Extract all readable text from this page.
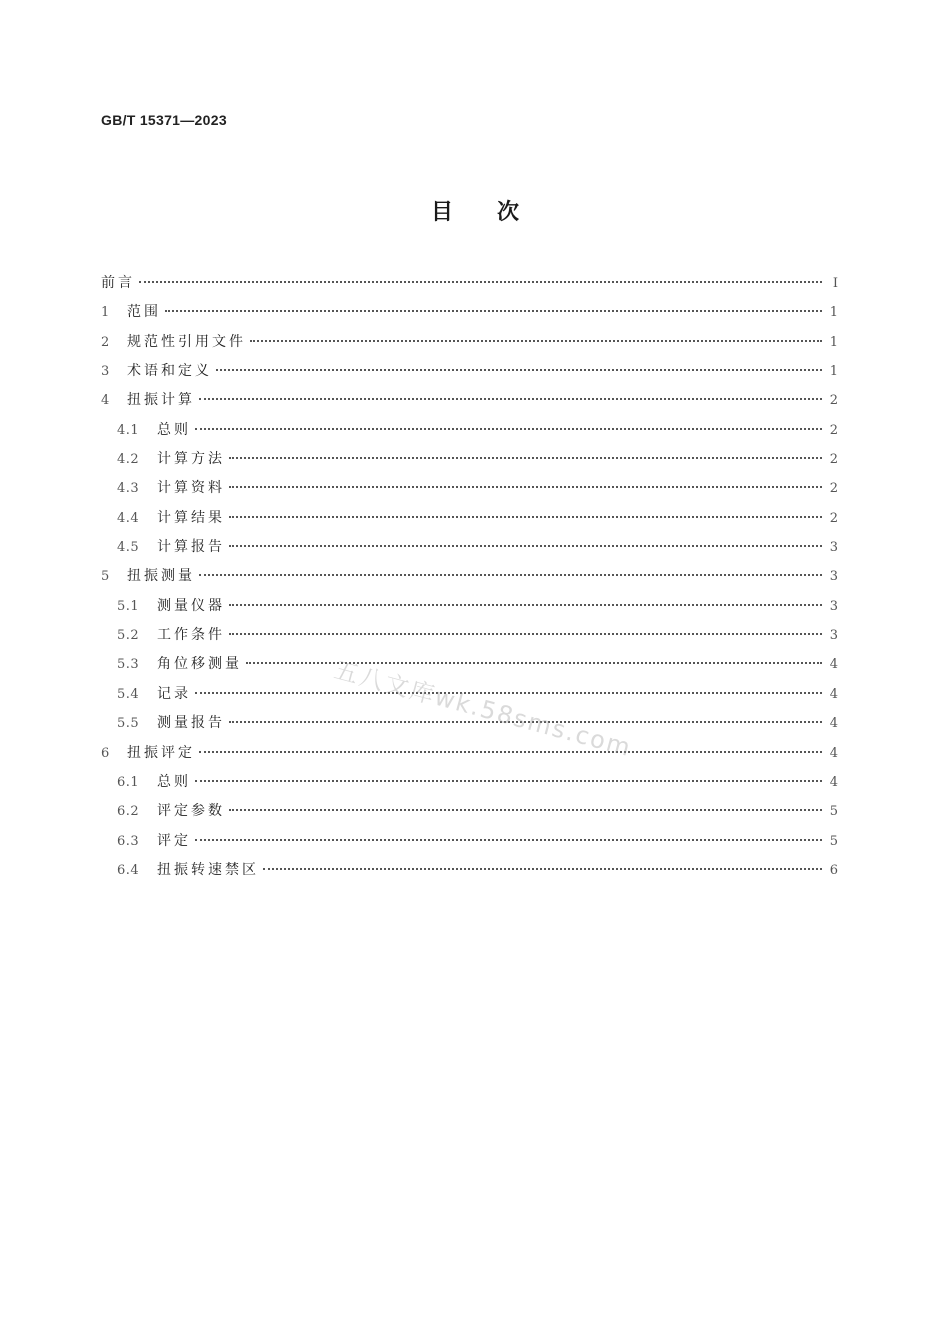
GB/T 15371—2023
目次
前言	Ⅰ
1	范围	1
2	规范性引用文件	1
3	术语和定义	1
4	扭振计算	2
4.1	总则	2
4.2	计算方法	2
4.3	计算资料	2
4.4	计算结果	2
4.5	计算报告	3
5	扭振测量	3
5.1	测量仪器	3
5.2	工作条件	3
5.3	角位移测量	4
5.4	记录	4
5.5	测量报告	4
6	扭振评定	4
6.1	总则	4
6.2	评定参数	5
6.3	评定	5
6.4	扭振转速禁区	6
五八文库wk.58sms.com
